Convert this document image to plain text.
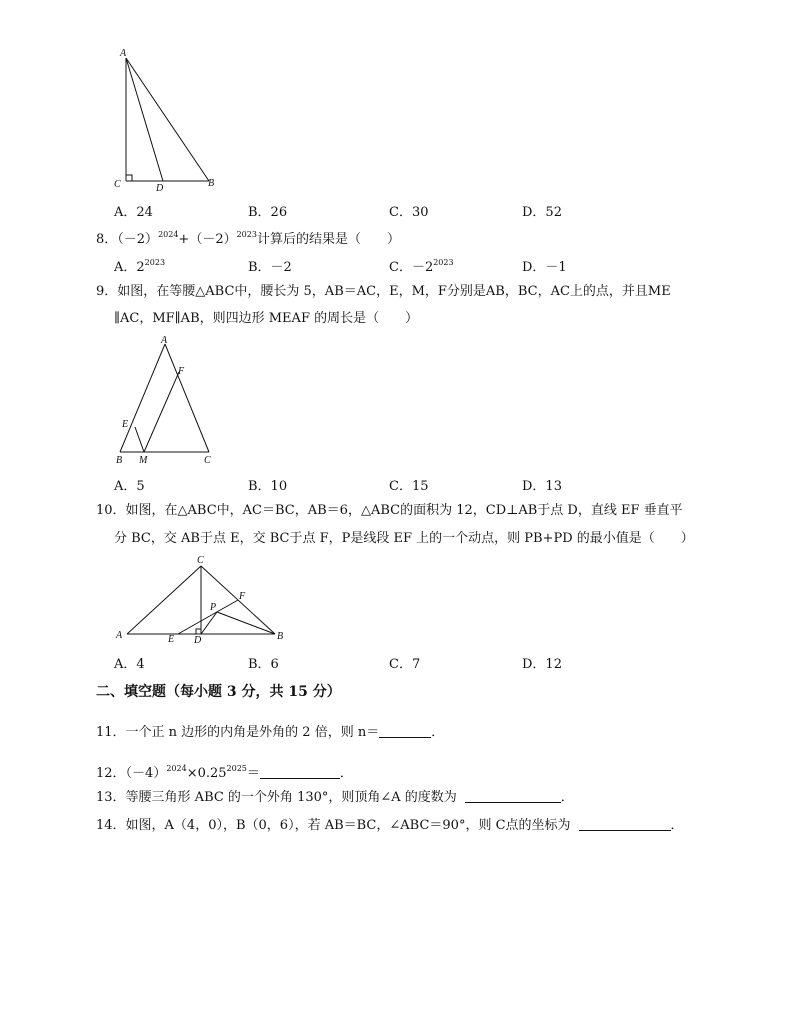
A
C	D	B
A．24	B．26	C．30	D．52
8．$(-2)^{2024}+(-2)^{2023}$计算后的结果是（　　）
A．$2^{2023}$	B．－2	C．$-2^{2023}$	D．－1
9．如图，在等腰△ABC中，腰长为 5，AB＝AC，E，M，F分别是AB，BC，AC上的点，并且ME
∥AC，MF∥AB，则四边形 MEAF 的周长是（　　）
A
F
E
B M	C
A．5	B．10	C．15	D．13
10．如图，在△ABC中，AC＝BC，AB＝6，△ABC的面积为 12，CD⊥AB于点 D，直线 EF 垂直平
分 BC，交 AB于点 E，交 BC于点 F，P是线段 EF 上的一个动点，则 PB+PD 的最小值是（　　）
C
F
P
A	E D	B
A．4	B．6	C．7	D．12
二、填空题（每小题 3 分，共 15 分）
11．一个正 n 边形的内角是外角的 2 倍，则 n＝	．
12．$(-4)^{2024}\times 0.25^{2025}=$	．
13．等腰三角形 ABC 的一个外角 130°，则顶角∠A 的度数为	．
14．如图，A（4，0），B（0，6），若 AB＝BC，∠ABC＝90°，则 C点的坐标为	．
